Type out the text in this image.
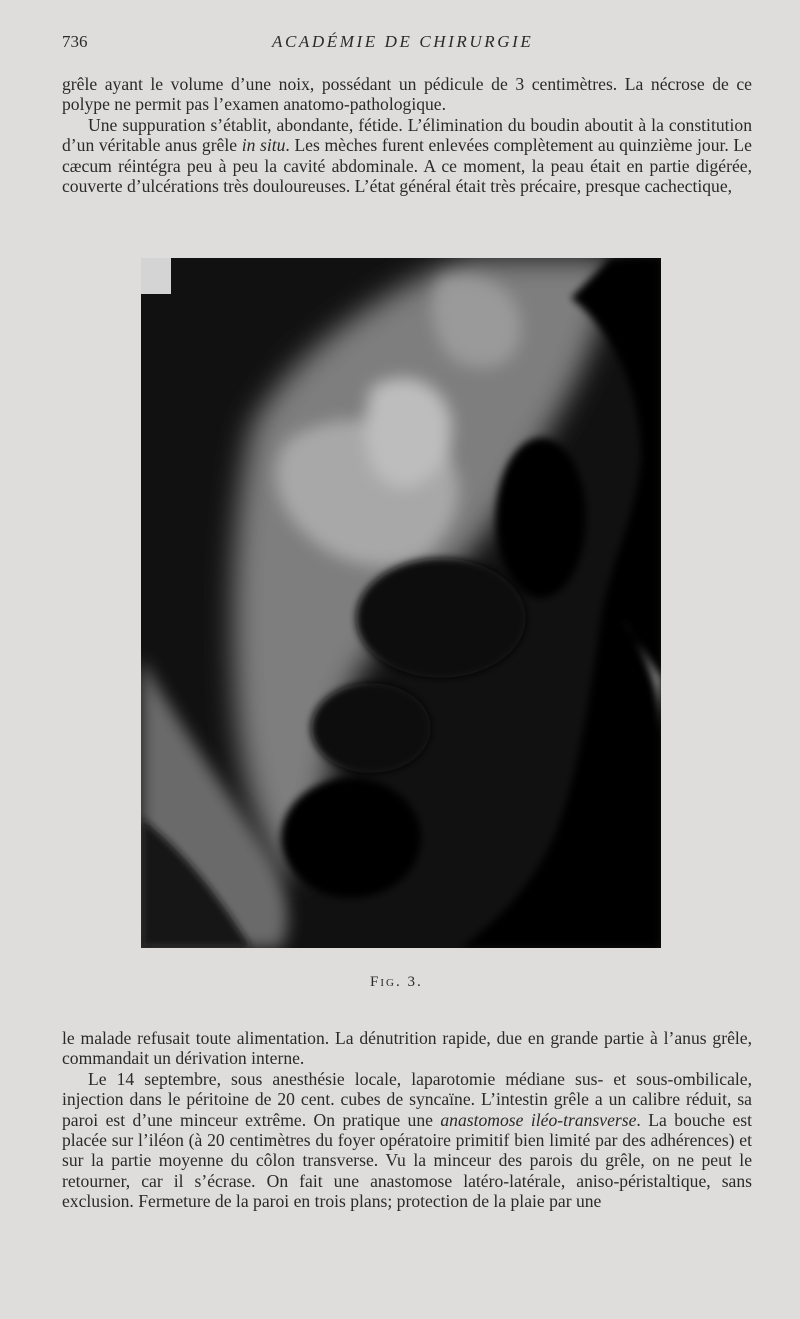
736	ACADÉMIE DE CHIRURGIE

grêle ayant le volume d’une noix, possédant un pédicule de 3 centimètres. La nécrose de ce polype ne permit pas l’examen anatomo-pathologique.

Une suppuration s’établit, abondante, fétide. L’élimination du boudin aboutit à la constitution d’un véritable anus grêle in situ. Les mèches furent enlevées complètement au quinzième jour. Le cæcum réintégra peu à peu la cavité abdominale. A ce moment, la peau était en partie digérée, couverte d’ulcérations très douloureuses. L’état général était très précaire, presque cachectique,

Fig. 3.

le malade refusait toute alimentation. La dénutrition rapide, due en grande partie à l’anus grêle, commandait un dérivation interne.

Le 14 septembre, sous anesthésie locale, laparotomie médiane sus- et sous-ombilicale, injection dans le péritoine de 20 cent. cubes de syncaïne. L’intestin grêle a un calibre réduit, sa paroi est d’une minceur extrême. On pratique une anastomose iléo-transverse. La bouche est placée sur l’iléon (à 20 centimètres du foyer opératoire primitif bien limité par des adhérences) et sur la partie moyenne du côlon transverse. Vu la minceur des parois du grêle, on ne peut le retourner, car il s’écrase. On fait une anastomose latéro-latérale, aniso-péristaltique, sans exclusion. Fermeture de la paroi en trois plans; protection de la plaie par une
